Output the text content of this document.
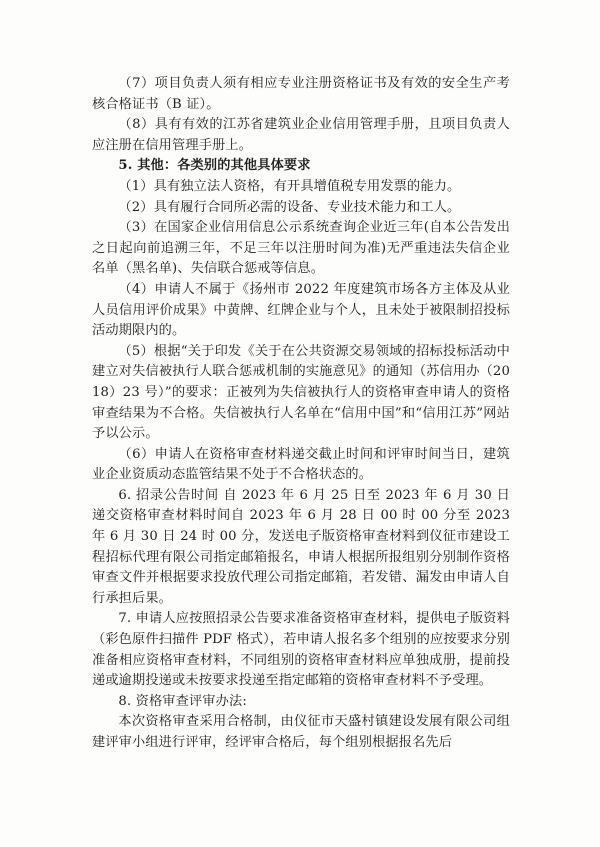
（7）项目负责人须有相应专业注册资格证书及有效的安全生产考核合格证书（B 证）。

（8）具有有效的江苏省建筑业企业信用管理手册，且项目负责人应注册在信用管理手册上。

5. 其他：各类别的其他具体要求

（1）具有独立法人资格，有开具增值税专用发票的能力。

（2）具有履行合同所必需的设备、专业技术能力和工人。

（3）在国家企业信用信息公示系统查询企业近三年(自本公告发出之日起向前追溯三年，不足三年以注册时间为准)无严重违法失信企业名单（黑名单)、失信联合惩戒等信息。

（4）申请人不属于《扬州市 2022 年度建筑市场各方主体及从业人员信用评价成果》中黄牌、红牌企业与个人，且未处于被限制招投标活动期限内的。

（5）根据“关于印发《关于在公共资源交易领域的招标投标活动中建立对失信被执行人联合惩戒机制的实施意见》的通知（苏信用办（2018）23 号）”的要求：正被列为失信被执行人的资格审查申请人的资格审查结果为不合格。失信被执行人名单在“信用中国”和“信用江苏”网站予以公示。

（6）申请人在资格审查材料递交截止时间和评审时间当日，建筑业企业资质动态监管结果不处于不合格状态的。

6. 招录公告时间 自 2023 年 6 月 25 日至 2023 年 6 月 30 日递交资格审查材料时间自 2023 年 6 月 28 日 00 时 00 分至 2023 年 6 月 30 日 24 时 00 分，发送电子版资格审查材料到仪征市建设工程招标代理有限公司指定邮箱报名，申请人根据所报组别分别制作资格审查文件并根据要求投放代理公司指定邮箱，若发错、漏发由申请人自行承担后果。

7. 申请人应按照招录公告要求准备资格审查材料，提供电子版资料（彩色原件扫描件 PDF 格式），若申请人报名多个组别的应按要求分别准备相应资格审查材料，不同组别的资格审查材料应单独成册，提前投递或逾期投递或未按要求投递至指定邮箱的资格审查材料不予受理。

8. 资格审查评审办法:

本次资格审查采用合格制，由仪征市天盛村镇建设发展有限公司组建评审小组进行评审，经评审合格后，每个组别根据报名先后
